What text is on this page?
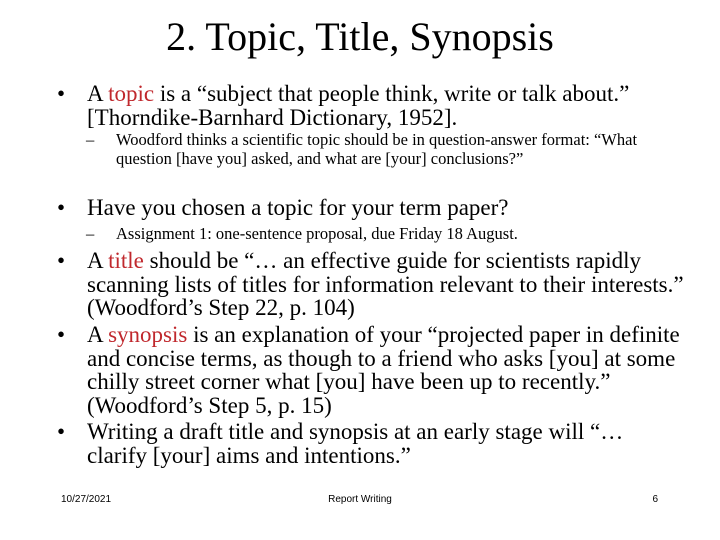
2. Topic, Title, Synopsis
• A topic is a “subject that people think, write or talk about.” [Thorndike-Barnhard Dictionary, 1952].
–	Woodford thinks a scientific topic should be in question-answer format: “What question [have you] asked, and what are [your] conclusions?”
• Have you chosen a topic for your term paper?
–	Assignment 1: one-sentence proposal, due Friday 18 August.
• A title should be “… an effective guide for scientists rapidly scanning lists of titles for information relevant to their interests.” (Woodford’s Step 22, p. 104)
• A synopsis is an explanation of your “projected paper in definite and concise terms, as though to a friend who asks [you] at some chilly street corner what [you] have been up to recently.” (Woodford’s Step 5, p. 15)
• Writing a draft title and synopsis at an early stage will “… clarify [your] aims and intentions.”
10/27/2021	Report Writing	6
